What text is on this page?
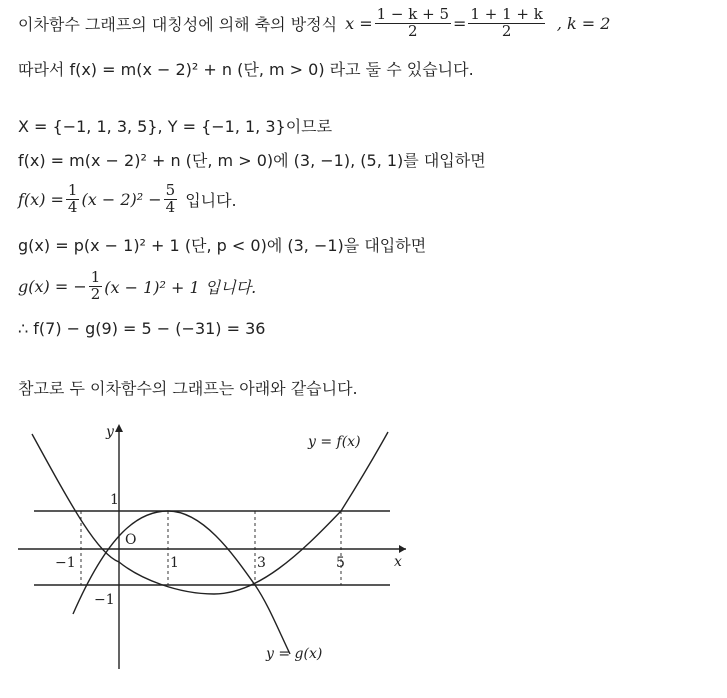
이차함수 그래프의 대칭성에 의해 축의 방정식 $x = \frac{1 - k + 5}{2} = \frac{1 + 1 + k}{2}$ , k = 2
따라서 f(x) = m(x − 2)² + n (단, m > 0) 라고 둘 수 있습니다.
X = {−1, 1, 3, 5}, Y = {−1, 1, 3}이므로
f(x) = m(x − 2)² + n (단, m > 0)에 (3, −1), (5, 1)를 대입하면
$f(x) = \frac{1}{4} (x - 2)^2 - \frac{5}{4}$ 입니다.
g(x) = p(x − 1)² + 1 (단, p < 0)에 (3, −1)을 대입하면
g(x) = − $\frac{1}{2} (x - 1)^2 + 1$ 입니다.
∴ f(7) − g(9) = 5 − (−31) = 36
참고로 두 이차함수의 그래프는 아래와 같습니다.
y
x
O
−1	1	3	5
1
−1
y = f(x)
y = g(x)
